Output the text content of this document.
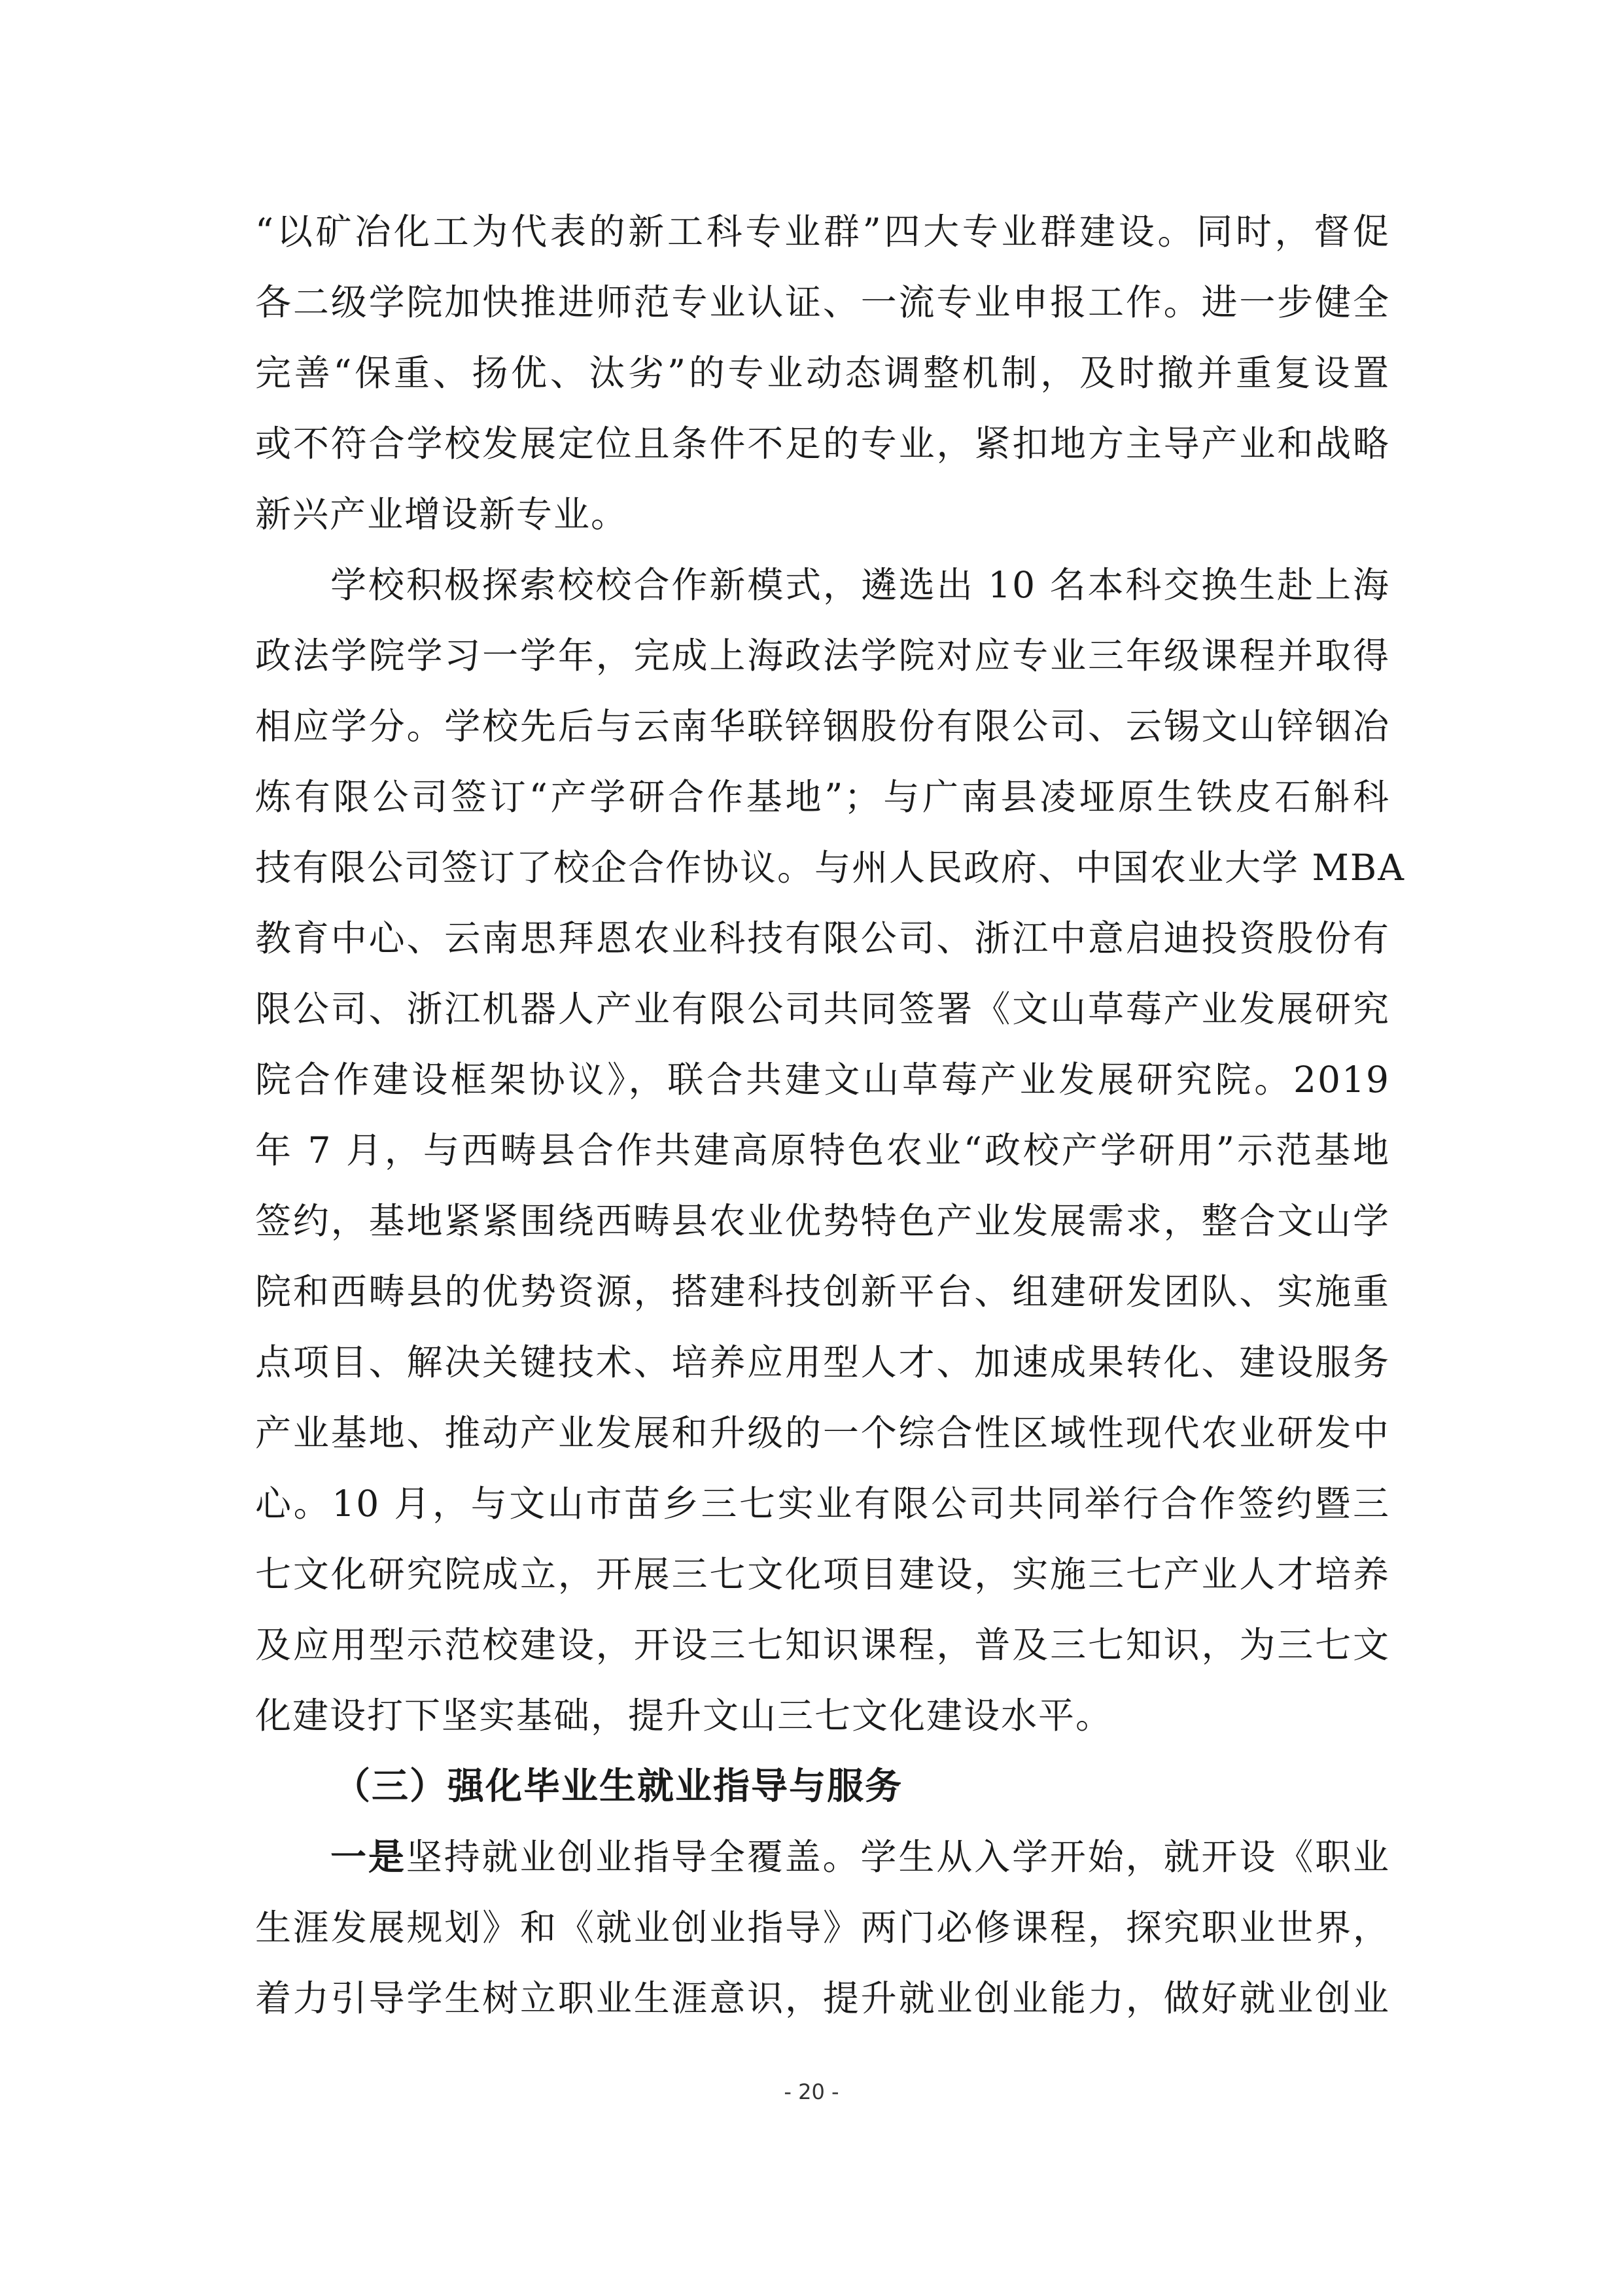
“以矿冶化工为代表的新工科专业群”四大专业群建设。同时，督促
各二级学院加快推进师范专业认证、一流专业申报工作。进一步健全
完善“保重、扬优、汰劣”的专业动态调整机制，及时撤并重复设置
或不符合学校发展定位且条件不足的专业，紧扣地方主导产业和战略
新兴产业增设新专业。
学校积极探索校校合作新模式，遴选出 10 名本科交换生赴上海
政法学院学习一学年，完成上海政法学院对应专业三年级课程并取得
相应学分。学校先后与云南华联锌铟股份有限公司、云锡文山锌铟冶
炼有限公司签订“产学研合作基地”；与广南县凌垭原生铁皮石斛科
技有限公司签订了校企合作协议。与州人民政府、中国农业大学 MBA
教育中心、云南思拜恩农业科技有限公司、浙江中意启迪投资股份有
限公司、浙江机器人产业有限公司共同签署《文山草莓产业发展研究
院合作建设框架协议》，联合共建文山草莓产业发展研究院。2019
年 7 月，与西畴县合作共建高原特色农业“政校产学研用”示范基地
签约，基地紧紧围绕西畴县农业优势特色产业发展需求，整合文山学
院和西畴县的优势资源，搭建科技创新平台、组建研发团队、实施重
点项目、解决关键技术、培养应用型人才、加速成果转化、建设服务
产业基地、推动产业发展和升级的一个综合性区域性现代农业研发中
心。10 月，与文山市苗乡三七实业有限公司共同举行合作签约暨三
七文化研究院成立，开展三七文化项目建设，实施三七产业人才培养
及应用型示范校建设，开设三七知识课程，普及三七知识，为三七文
化建设打下坚实基础，提升文山三七文化建设水平。
（三）强化毕业生就业指导与服务
一是坚持就业创业指导全覆盖。学生从入学开始，就开设《职业
生涯发展规划》和《就业创业指导》两门必修课程，探究职业世界，
着力引导学生树立职业生涯意识，提升就业创业能力，做好就业创业
- 20 -
